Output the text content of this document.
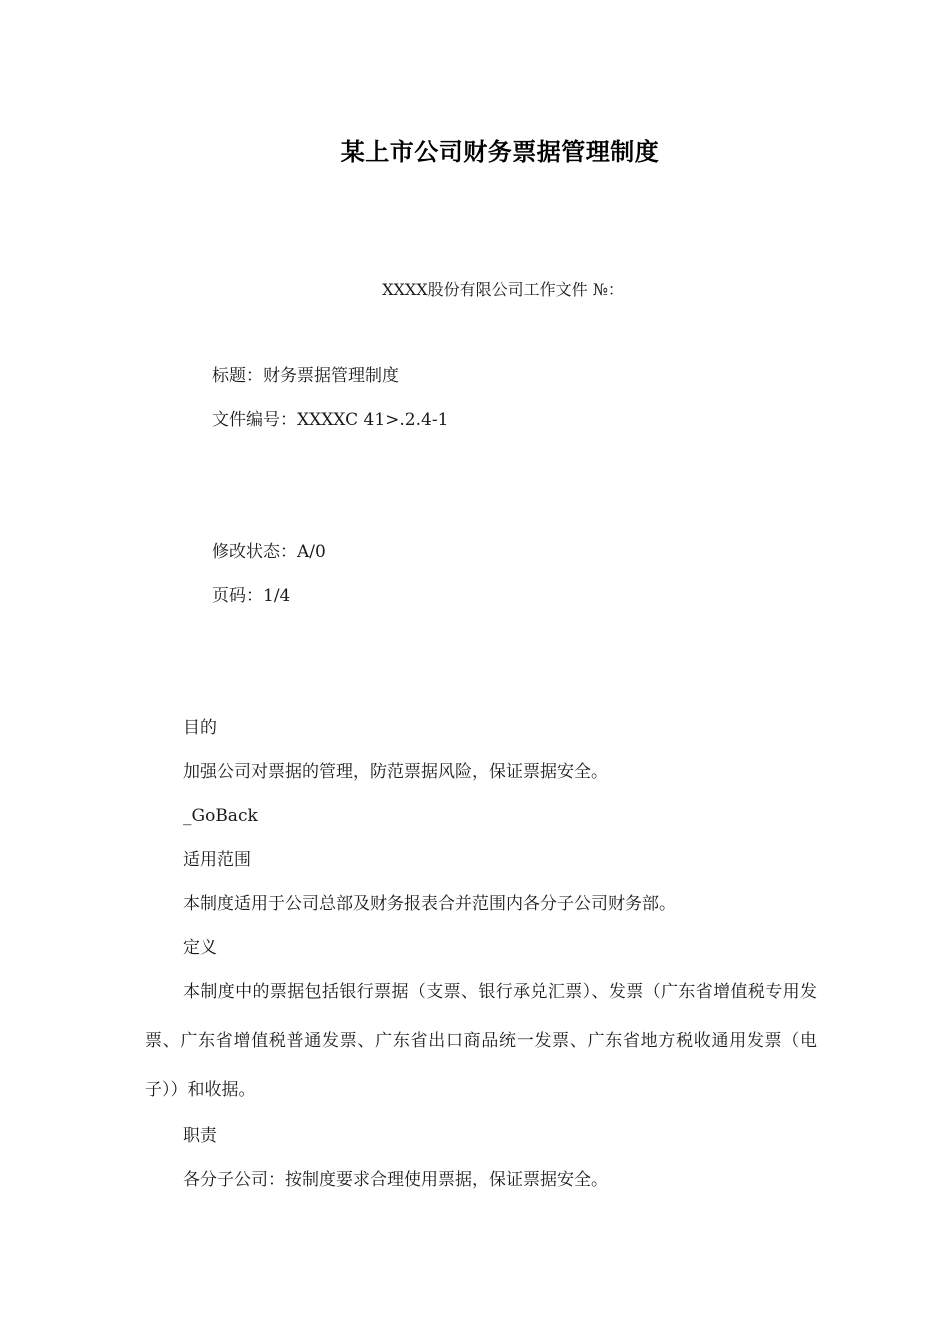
某上市公司财务票据管理制度
XXXX股份有限公司工作文件 №：
标题：财务票据管理制度
文件编号：XXXXC 41>.2.4-1
修改状态：A/0
页码：1/4
目的
加强公司对票据的管理，防范票据风险，保证票据安全。
_GoBack
适用范围
本制度适用于公司总部及财务报表合并范围内各分子公司财务部。
定义
本制度中的票据包括银行票据（支票、银行承兑汇票）、发票（广东省增值税专用发票、广东省增值税普通发票、广东省出口商品统一发票、广东省地方税收通用发票（电子））和收据。
职责
各分子公司：按制度要求合理使用票据，保证票据安全。
